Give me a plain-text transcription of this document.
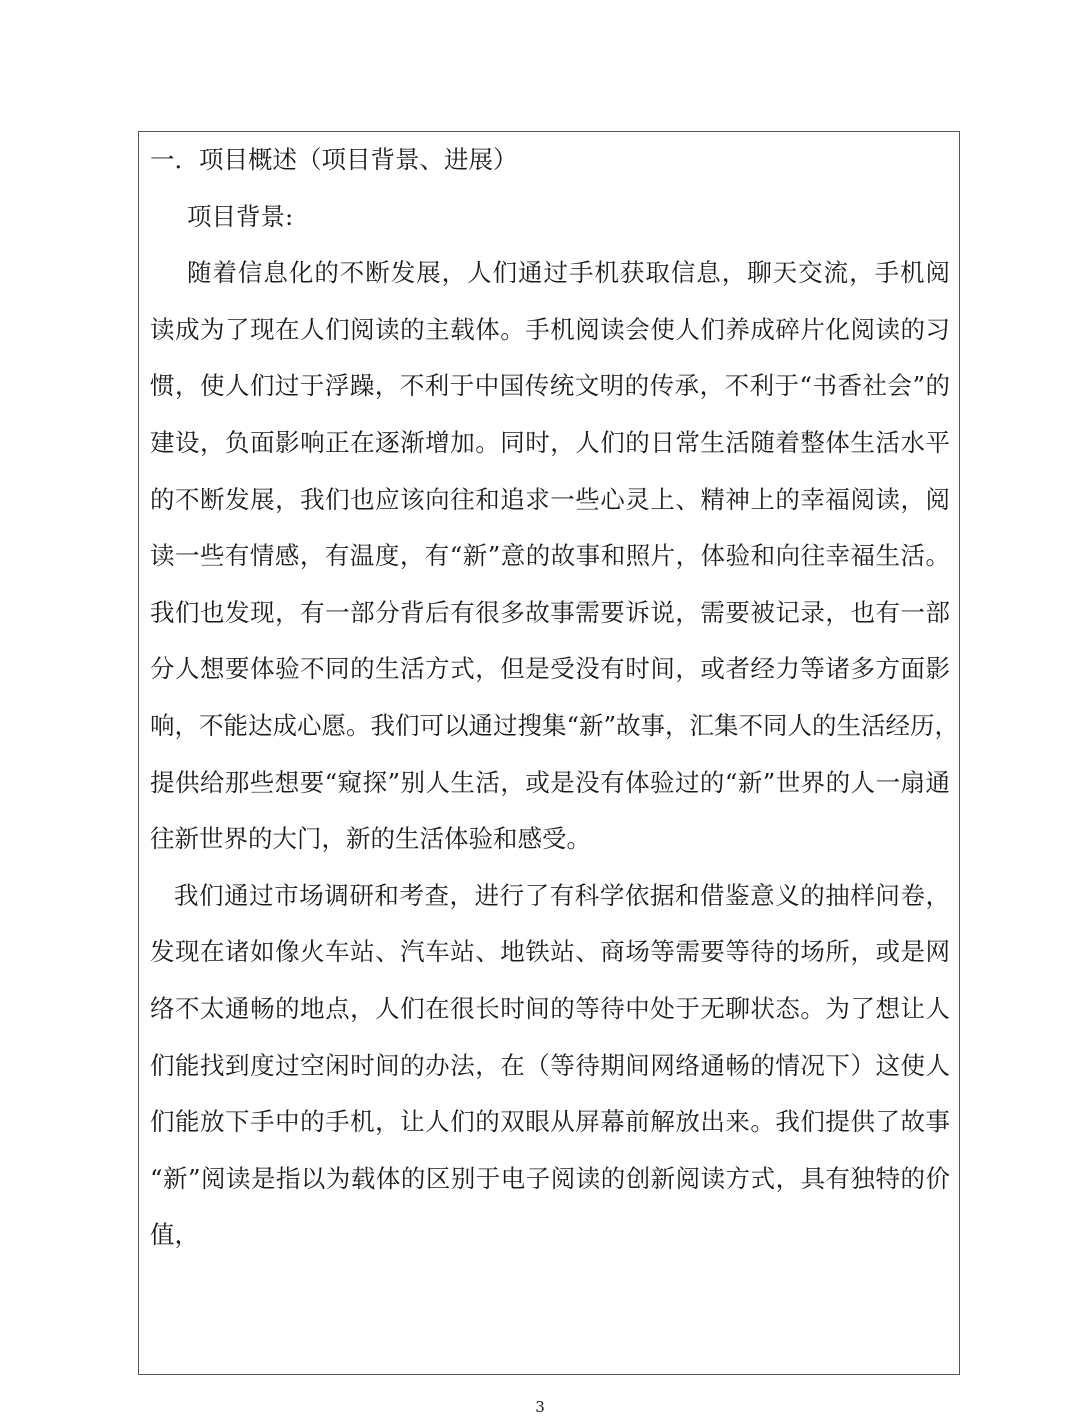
一．项目概述（项目背景、进展）
项目背景:
随着信息化的不断发展，人们通过手机获取信息，聊天交流，手机阅
读成为了现在人们阅读的主载体。手机阅读会使人们养成碎片化阅读的习
惯，使人们过于浮躁，不利于中国传统文明的传承，不利于“书香社会”的
建设，负面影响正在逐渐增加。同时，人们的日常生活随着整体生活水平
的不断发展，我们也应该向往和追求一些心灵上、精神上的幸福阅读，阅
读一些有情感，有温度，有“新”意的故事和照片，体验和向往幸福生活。
我们也发现，有一部分背后有很多故事需要诉说，需要被记录，也有一部
分人想要体验不同的生活方式，但是受没有时间，或者经力等诸多方面影
响，不能达成心愿。我们可以通过搜集“新”故事，汇集不同人的生活经历，
提供给那些想要“窥探”别人生活，或是没有体验过的“新”世界的人一扇通
往新世界的大门，新的生活体验和感受。
我们通过市场调研和考查，进行了有科学依据和借鉴意义的抽样问卷，
发现在诸如像火车站、汽车站、地铁站、商场等需要等待的场所，或是网
络不太通畅的地点，人们在很长时间的等待中处于无聊状态。为了想让人
们能找到度过空闲时间的办法，在（等待期间网络通畅的情况下）这使人
们能放下手中的手机，让人们的双眼从屏幕前解放出来。我们提供了故事
“新”阅读是指以为载体的区别于电子阅读的创新阅读方式，具有独特的价
值，
3
